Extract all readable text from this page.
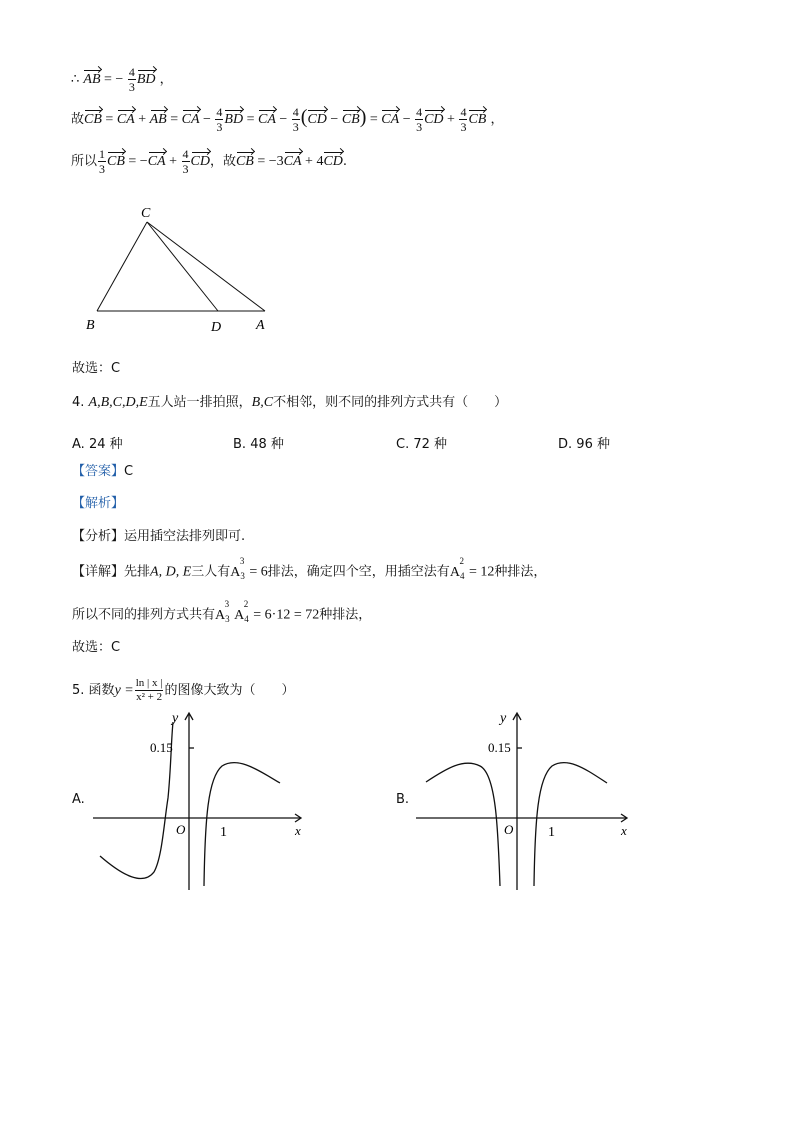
∴ AB = − $\frac{4}{3}$ BD ，
故CB = CA + AB = CA − $\frac{4}{3}$ BD = CA − $\frac{4}{3} (CD - CB)$ = CA − $\frac{4}{3}$ CD + $\frac{4}{3}$ CB ，
所以 $\frac{1}{3}$ CB = $-CA + \frac{4}{3}$ CD，故CB = −3CA + 4CD.
C
B	D A
故选：C
4. A,B,C,D,E五人站一排拍照，B,C不相邻，则不同的排列方式共有（　　）
A. 24 种	B. 48 种	C. 72 种	D. 96 种
【答案】C
【解析】
【分析】运用插空法排列即可.
【详解】先排A, D, E三人有$A_3^3= 6$排法，确定四个空，用插空法有$A_4^2= 12$种排法，
所以不同的排列方式共有$A_3^3A_4^2= 6\cdot 12 = 72$种排法，
故选：C
5. 函数$y = \frac{\ln | x |}{\text{x² + 2}}$ 的图像大致为（　　）
A.
y
0.15
O 1	x
B.
y
0.15
O 1	x
